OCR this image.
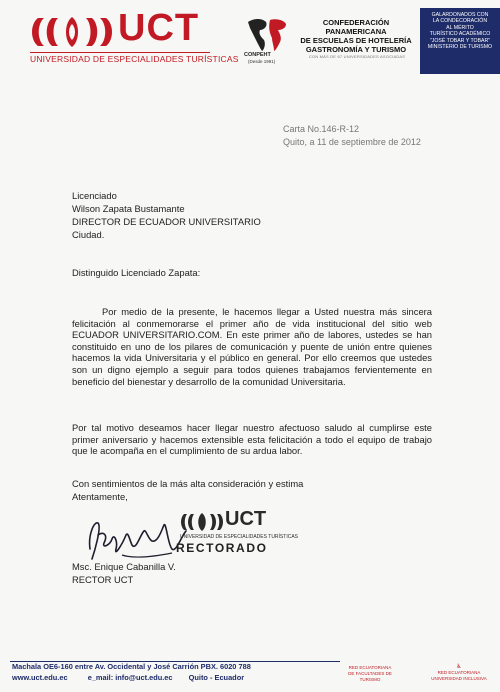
UCT
UNIVERSIDAD DE ESPECIALIDADES TURÍSTICAS CONPEHT
(Desde 1991)
CONFEDERACIÓN PANAMERICANA
DE ESCUELAS DE HOTELERÍA
GASTRONOMÍA Y TURISMO
CON MÁS DE 67 UNIVERSIDADES ASOCIADAS
GALARDONADOS CON
LA CONDECORACIÓN
AL MÉRITO
TURÍSTICO ACADÉMICO
"JOSÉ TOBAR Y TOBAR"
MINISTERIO DE TURISMO
Carta No.146-R-12
Quito, a 11 de septiembre de 2012
Licenciado
Wilson Zapata Bustamante
DIRECTOR DE ECUADOR UNIVERSITARIO
Ciudad.
Distinguido Licenciado Zapata:
Por medio de la presente, le hacemos llegar a Usted nuestra más sincera felicitación al conmemorarse el primer año de vida institucional del sitio web ECUADOR UNIVERSITARIO.COM. En este primer año de labores, ustedes se han constituido en uno de los pilares de comunicación y puente de unión entre quienes hacemos la vida Universitaria y el público en general. Por ello creemos que ustedes son un digno ejemplo a seguir para todos quienes trabajamos fervientemente en beneficio del bienestar y desarrollo de la comunidad Universitaria.
Por tal motivo deseamos hacer llegar nuestro afectuoso saludo al cumplirse este primer aniversario y hacemos extensible esta felicitación a todo el equipo de trabajo que le acompaña en el cumplimiento de su ardua labor.
Con sentimientos de la más alta consideración y estima
Atentamente,
UCT
UNIVERSIDAD DE ESPECIALIDADES TURÍSTICAS
RECTORADO
Msc. Enique Cabanilla V.
RECTOR UCT
Machala OE6-160 entre Av. Occidental y José Carrión PBX. 6020 788
www.uct.edu.ec	e_mail: info@uct.edu.ec Quito - Ecuador
RED ECUATORIANA
DE FACULTADES DE TURISMO
♿
RED ECUATORIANA
UNIVERSIDAD INCLUSIVA
